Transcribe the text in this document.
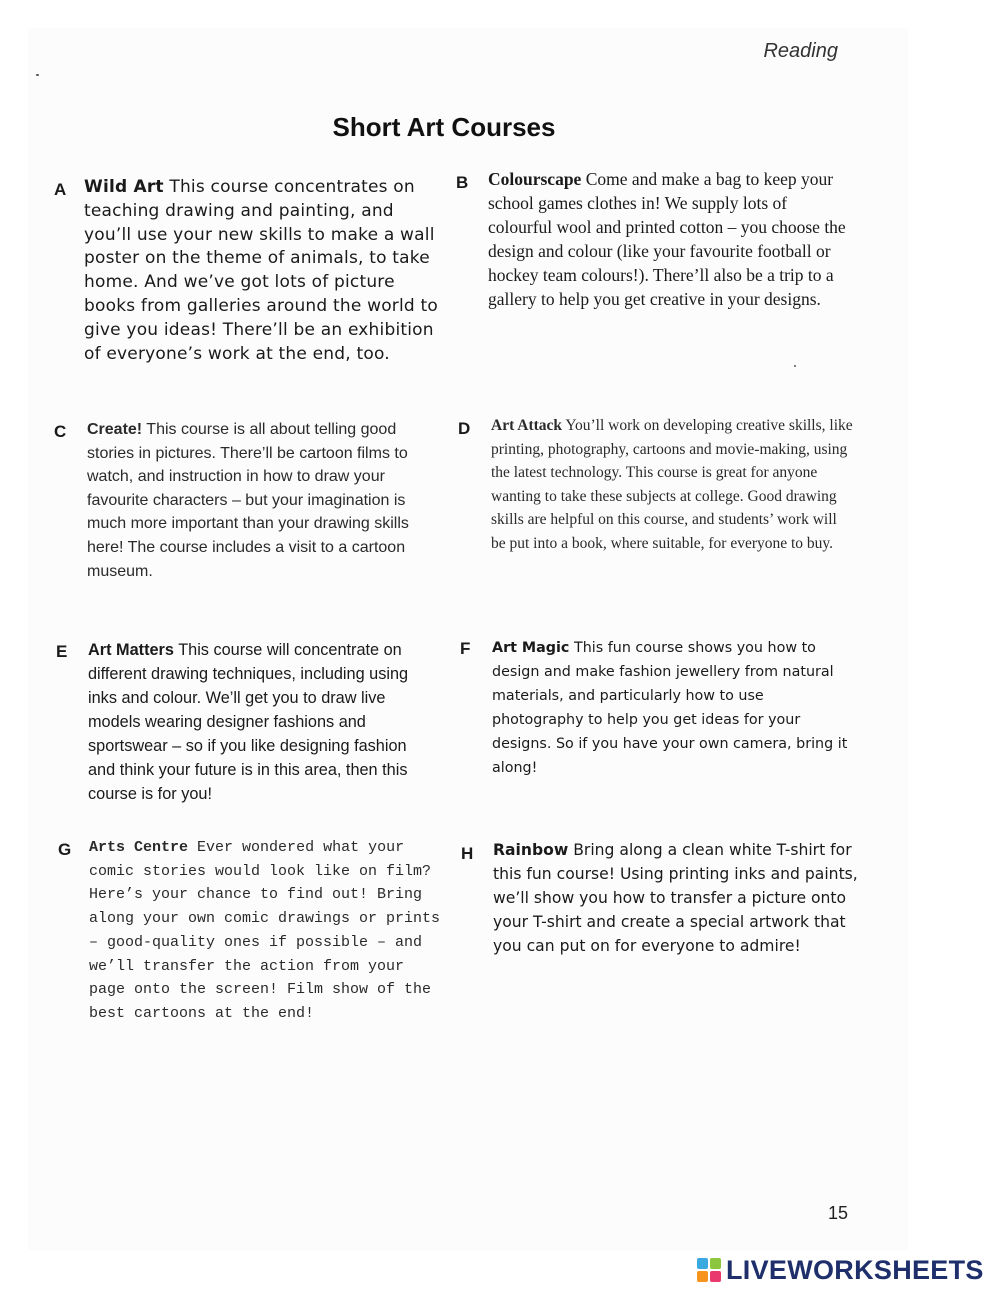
Reading
Short Art Courses
A Wild Art This course concentrates on teaching drawing and painting, and you’ll use your new skills to make a wall poster on the theme of animals, to take home. And we’ve got lots of picture books from galleries around the world to give you ideas! There’ll be an exhibition of everyone’s work at the end, too.
B Colourscape Come and make a bag to keep your school games clothes in! We supply lots of colourful wool and printed cotton – you choose the design and colour (like your favourite football or hockey team colours!). There’ll also be a trip to a gallery to help you get creative in your designs.
C Create! This course is all about telling good stories in pictures. There’ll be cartoon films to watch, and instruction in how to draw your favourite characters – but your imagination is much more important than your drawing skills here! The course includes a visit to a cartoon museum.
D Art Attack You’ll work on developing creative skills, like printing, photography, cartoons and movie-making, using the latest technology. This course is great for anyone wanting to take these subjects at college. Good drawing skills are helpful on this course, and students’ work will be put into a book, where suitable, for everyone to buy.
E Art Matters This course will concentrate on different drawing techniques, including using inks and colour. We’ll get you to draw live models wearing designer fashions and sportswear – so if you like designing fashion and think your future is in this area, then this course is for you!
F Art Magic This fun course shows you how to design and make fashion jewellery from natural materials, and particularly how to use photography to help you get ideas for your designs. So if you have your own camera, bring it along!
G Arts Centre Ever wondered what your comic stories would look like on film? Here’s your chance to find out! Bring along your own comic drawings or prints – good-quality ones if possible – and we’ll transfer the action from your page onto the screen! Film show of the best cartoons at the end!
H Rainbow Bring along a clean white T-shirt for this fun course! Using printing inks and paints, we’ll show you how to transfer a picture onto your T-shirt and create a special artwork that you can put on for everyone to admire!
15
LIVEWORKSHEETS
